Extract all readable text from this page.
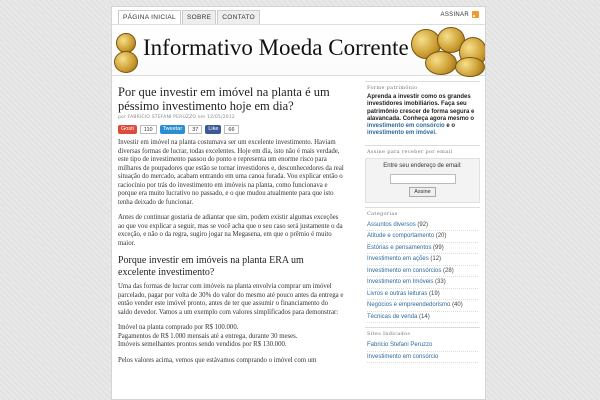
PÁGINA INICIAL	SOBRE	CONTATO	ASSINAR
Informativo Moeda Corrente
Por que investir em imóvel na planta é um péssimo investimento hoje em dia?
por FABRICIO STEFANI PERUZZO em 12/05/2012
Gosti	110	Tweetar	37	Like	66

Investir em imóvel na planta costumava ser um excelente investimento. Haviam diversas formas de lucrar, todas excelentes. Hoje em dia, isto não é mais verdade, este tipo de investimento passou do ponto e representa um enorme risco para milhares de poupadores que estão se tornar investidores e, desconhecedores da real situação do mercado, acabam entrando em uma canoa furada. Vou explicar então o raciocínio por trás do investimento em imóveis na planta, como funcionava e porque era muito lucrativo no passado, e o que mudou atualmente para que isto tenha deixado de funcionar.

Antes de continuar gostaria de adiantar que sim, podem existir algumas exceções ao que vou explicar a seguir, mas se você acha que o seu caso será justamente o da exceção, e não o da regra, sugiro jogar na Megasena, em que o prêmio é muito maior.

Porque investir em imóveis na planta ERA um excelente investimento?

Uma das formas de lucrar com imóveis na planta envolvia comprar um imóvel parcelado, pagar por volta de 30% do valor do mesmo até pouco antes da entrega e então vender este imóvel pronto, antes de ter que assumir o financiamento do saldo devedor. Vamos a um exemplo com valores simplificados para demonstrar:

Imóvel na planta comprado por R$ 100.000.
Pagamentos de R$ 1.000 mensais até a entrega, durante 30 meses.
Imóveis semelhantes prontos sendo vendidos por R$ 130.000.

Pelos valores acima, vemos que estávamos comprando o imóvel com um

Forme patrimônio
Aprenda a investir como os grandes investidores imobiliários. Faça seu patrimônio crescer de forma segura e alavancada. Conheça agora mesmo o investimento em consórcio e o investimento em imóvel.
Assine para receber por email
Entre seu endereço de email:
Assine
Categorias
Assuntos diversos (92)
Atitude e comportamento (20)
Estórias e pensamentos (99)
Investimento em ações (12)
Investimento em consórcios (28)
Investimento em Imóveis (33)
Livros e outras leituras (19)
Negócios e empreendedorismo (40)
Técnicas de venda (14)
Sites Indicados
Fabricio Stefani Peruzzo
Investimento em consórcio
